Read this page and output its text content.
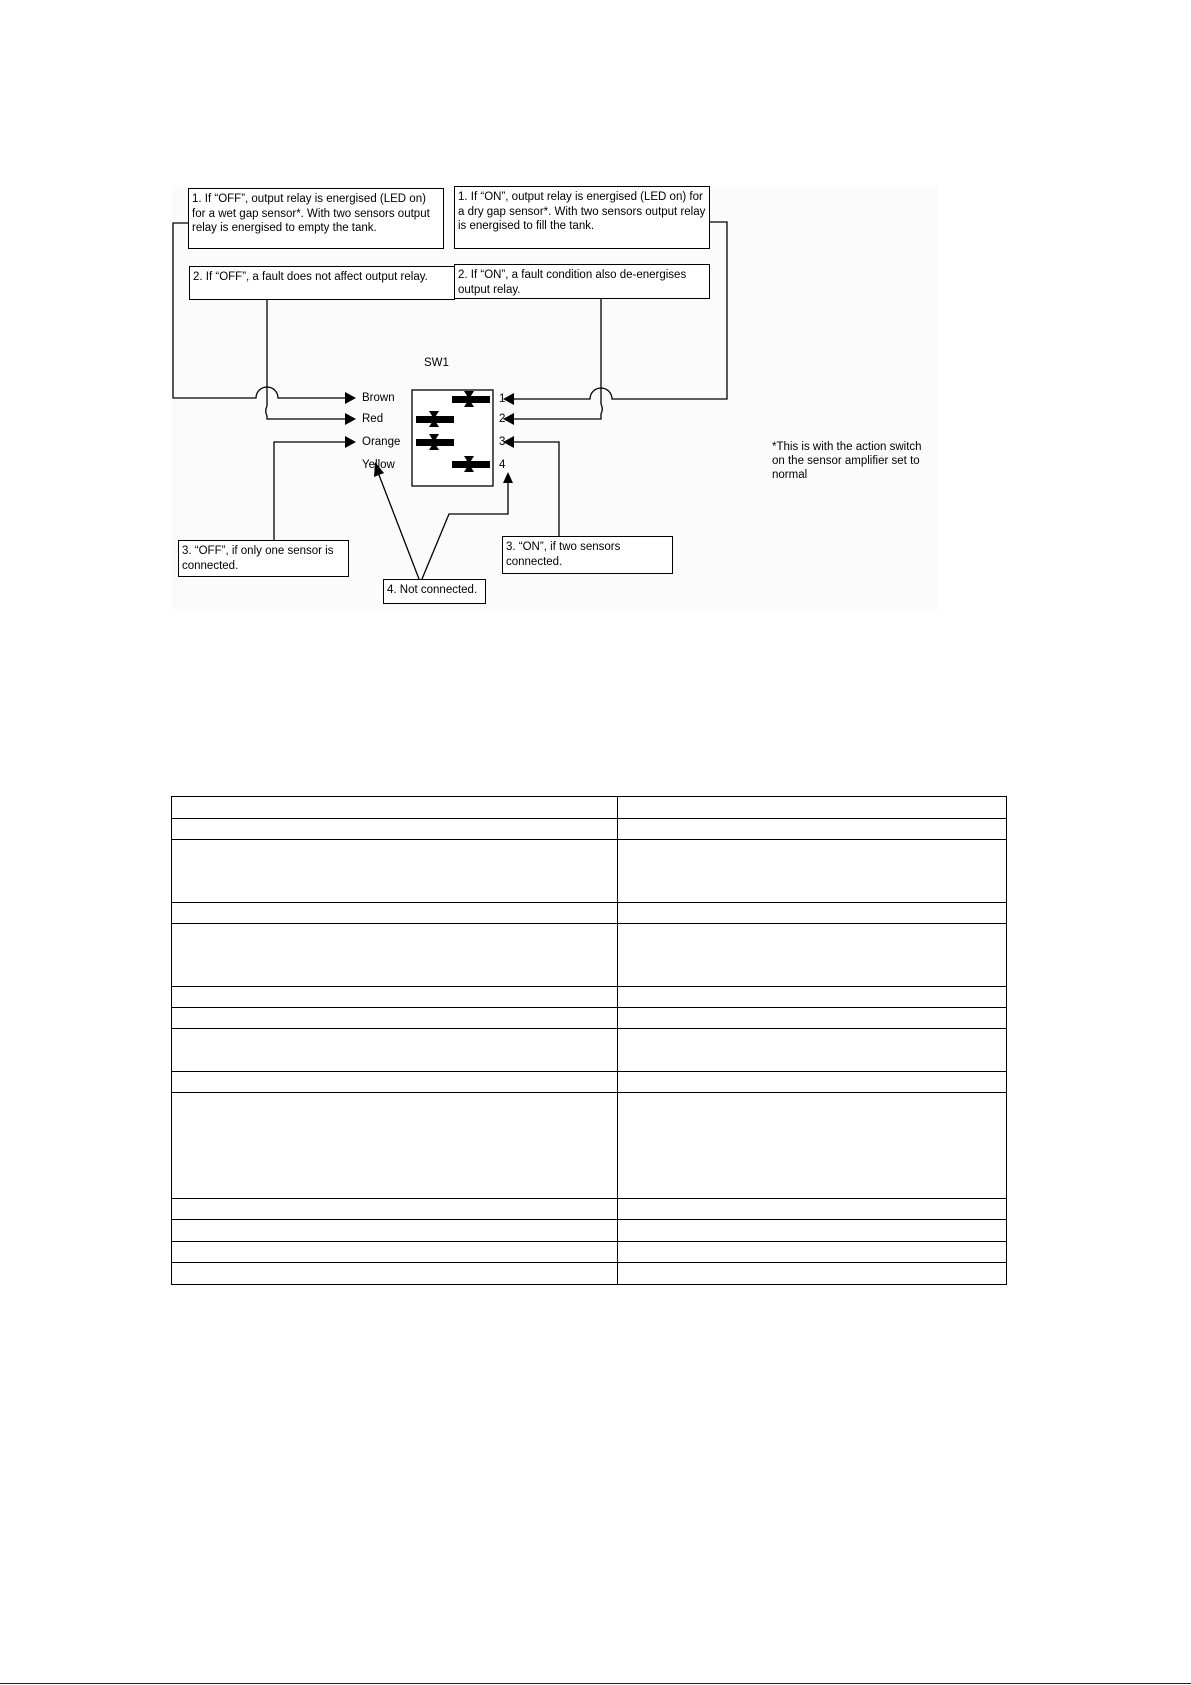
1. If “OFF”, output relay is energised (LED on) for a wet gap sensor*. With two sensors output relay is energised to empty the tank.
1. If “ON”, output relay is energised (LED on) for a dry gap sensor*. With two sensors output relay is energised to fill the tank.
2. If “OFF”, a fault does not affect output relay.	2. If “ON”, a fault condition also de-energises output relay.
3. “OFF”, if only one sensor is connected.
3. “ON”, if two sensors connected.
4. Not connected.
SW1
Brown
Red
Orange
Yellow
1
2
3
4
*This is with the action switch on the sensor amplifier set to normal
